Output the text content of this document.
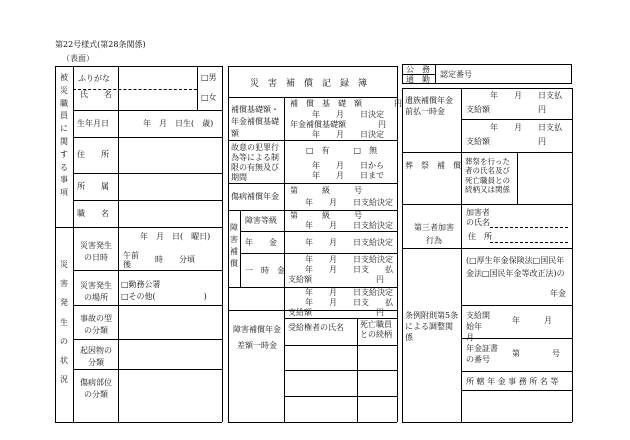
第22号様式(第28条関係)
（表面）
被災職員に関する事項
災害発生の状況
ふりがな
氏　　名
□男
□女
生年月日	年　月　日生(　歳)
住　　所
所　　属
職　　名
災害発生の日時
年　月　日(　曜日)
午前
後
時　　分頃
災害発生の場所
□勤務公署
□その他(　　　　　　)
事故の型の分類
起因物の分類
傷病部位の分類
災　害　補　償　記　録　簿
補償基礎額・年金補償基礎額
補　償　基　礎　額　　　　円
年　　月　　日決定
年金補償基礎額　　　　円
年　　月　　日決定
故意の犯罪行為等による制限の有無及び期間
□　有　　　□　無
年　　月　　日から
年　　月　　日まで
傷病補償年金
第　　　級　　　号
年　　月　　日支給決定
障害補償
障害等級
第　　　級　　　号
年　　月　　日支給決定
年　　金	年　　月　　日支給決定
一　時　金
年　　月　　日支給決定
年　　月　　日支　　払
支給額　　　　　　　　円
年　　月　　日支給決定
年　　月　　日支　　払
支給額　　　　　　　　円
障害補償年金差額一時金
受給権者の氏名 死亡職員との続柄
公　務
通　勤
認定番号
遺族補償年金前払一時金
年　　月　　日支払
支給額　　　　　　円
年　　月　　日支払
支給額　　　　　　円
葬　祭　補　償 葬祭を行った者の氏名及び死亡職員との続柄又は関係
第三者加害行為
加害者の氏名
住　所
条例附則第5条による調整関係
(□厚生年金保険法□国民年金法□国民年金等改正法)の
年金
支給開始年　月
年　　　月
年金証書の番号
第　　　　号
所 轄 年 金 事 務 所 名 等
